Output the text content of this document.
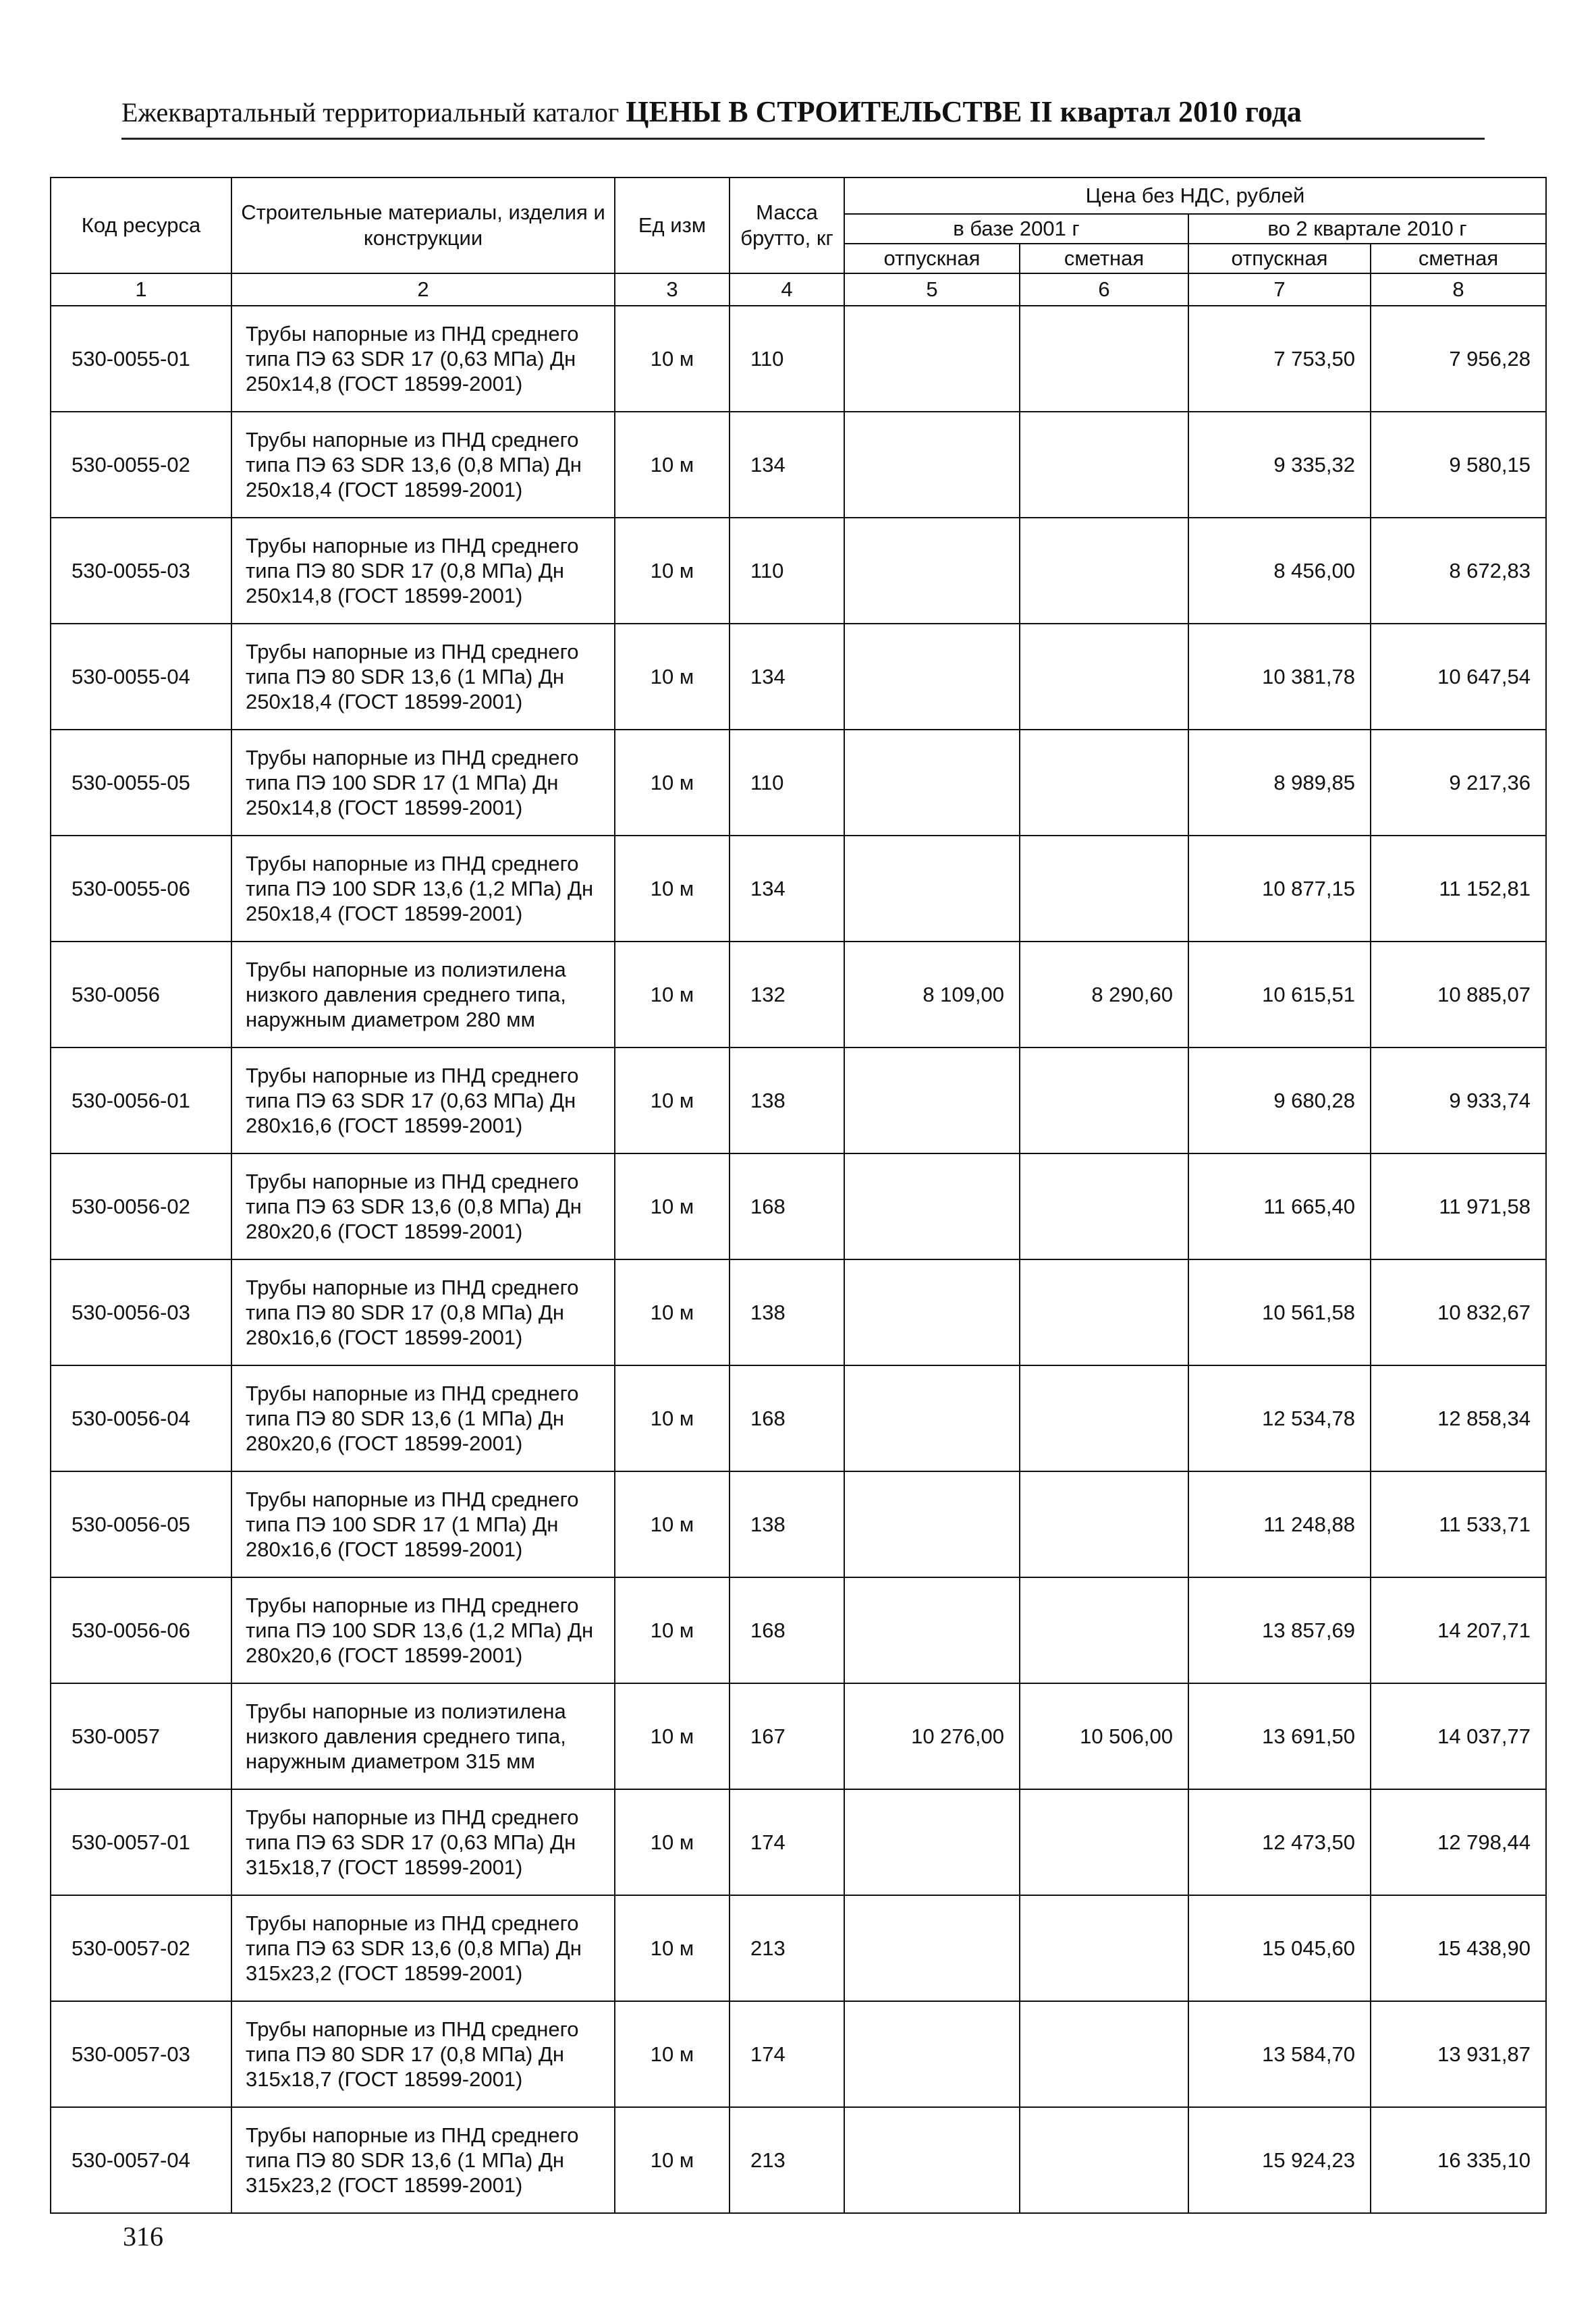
Ежеквартальный территориальный каталог ЦЕНЫ В СТРОИТЕЛЬСТВЕ II квартал 2010 года
Код ресурса	Строительные материалы, изделия и конструкции	Ед изм	Масса брутто, кг	Цена без НДС, рублей			
				в базе 2001 г		во 2 квартале 2010 г	
				отпускная	сметная	отпускная	сметная
1	2	3	4	5	6	7	8
530-0055-01	Трубы напорные из ПНД среднего типа ПЭ 63 SDR 17 (0,63 МПа) Дн 250х14,8 (ГОСТ 18599-2001)	10 м	110			7 753,50	7 956,28
530-0055-02	Трубы напорные из ПНД среднего типа ПЭ 63 SDR 13,6 (0,8 МПа) Дн 250х18,4 (ГОСТ 18599-2001)	10 м	134			9 335,32	9 580,15
530-0055-03	Трубы напорные из ПНД среднего типа ПЭ 80 SDR 17 (0,8 МПа) Дн 250х14,8 (ГОСТ 18599-2001)	10 м	110			8 456,00	8 672,83
530-0055-04	Трубы напорные из ПНД среднего типа ПЭ 80 SDR 13,6 (1 МПа) Дн 250х18,4 (ГОСТ 18599-2001)	10 м	134			10 381,78	10 647,54
530-0055-05	Трубы напорные из ПНД среднего типа ПЭ 100 SDR 17 (1 МПа) Дн 250х14,8 (ГОСТ 18599-2001)	10 м	110			8 989,85	9 217,36
530-0055-06	Трубы напорные из ПНД среднего типа ПЭ 100 SDR 13,6 (1,2 МПа) Дн 250х18,4 (ГОСТ 18599-2001)	10 м	134			10 877,15	11 152,81
530-0056	Трубы напорные из полиэтилена низкого давления среднего типа, наружным диаметром 280 мм	10 м	132	8 109,00	8 290,60	10 615,51	10 885,07
530-0056-01	Трубы напорные из ПНД среднего типа ПЭ 63 SDR 17 (0,63 МПа) Дн 280х16,6 (ГОСТ 18599-2001)	10 м	138			9 680,28	9 933,74
530-0056-02	Трубы напорные из ПНД среднего типа ПЭ 63 SDR 13,6 (0,8 МПа) Дн 280х20,6 (ГОСТ 18599-2001)	10 м	168			11 665,40	11 971,58
530-0056-03	Трубы напорные из ПНД среднего типа ПЭ 80 SDR 17 (0,8 МПа) Дн 280х16,6 (ГОСТ 18599-2001)	10 м	138			10 561,58	10 832,67
530-0056-04	Трубы напорные из ПНД среднего типа ПЭ 80 SDR 13,6 (1 МПа) Дн 280х20,6 (ГОСТ 18599-2001)	10 м	168			12 534,78	12 858,34
530-0056-05	Трубы напорные из ПНД среднего типа ПЭ 100 SDR 17 (1 МПа) Дн 280х16,6 (ГОСТ 18599-2001)	10 м	138			11 248,88	11 533,71
530-0056-06	Трубы напорные из ПНД среднего типа ПЭ 100 SDR 13,6 (1,2 МПа) Дн 280х20,6 (ГОСТ 18599-2001)	10 м	168			13 857,69	14 207,71
530-0057	Трубы напорные из полиэтилена низкого давления среднего типа, наружным диаметром 315 мм	10 м	167	10 276,00	10 506,00	13 691,50	14 037,77
530-0057-01	Трубы напорные из ПНД среднего типа ПЭ 63 SDR 17 (0,63 МПа) Дн 315х18,7 (ГОСТ 18599-2001)	10 м	174			12 473,50	12 798,44
530-0057-02	Трубы напорные из ПНД среднего типа ПЭ 63 SDR 13,6 (0,8 МПа) Дн 315х23,2 (ГОСТ 18599-2001)	10 м	213			15 045,60	15 438,90
530-0057-03	Трубы напорные из ПНД среднего типа ПЭ 80 SDR 17 (0,8 МПа) Дн 315х18,7 (ГОСТ 18599-2001)	10 м	174			13 584,70	13 931,87
530-0057-04	Трубы напорные из ПНД среднего типа ПЭ 80 SDR 13,6 (1 МПа) Дн 315х23,2 (ГОСТ 18599-2001)	10 м	213			15 924,23	16 335,10
316
